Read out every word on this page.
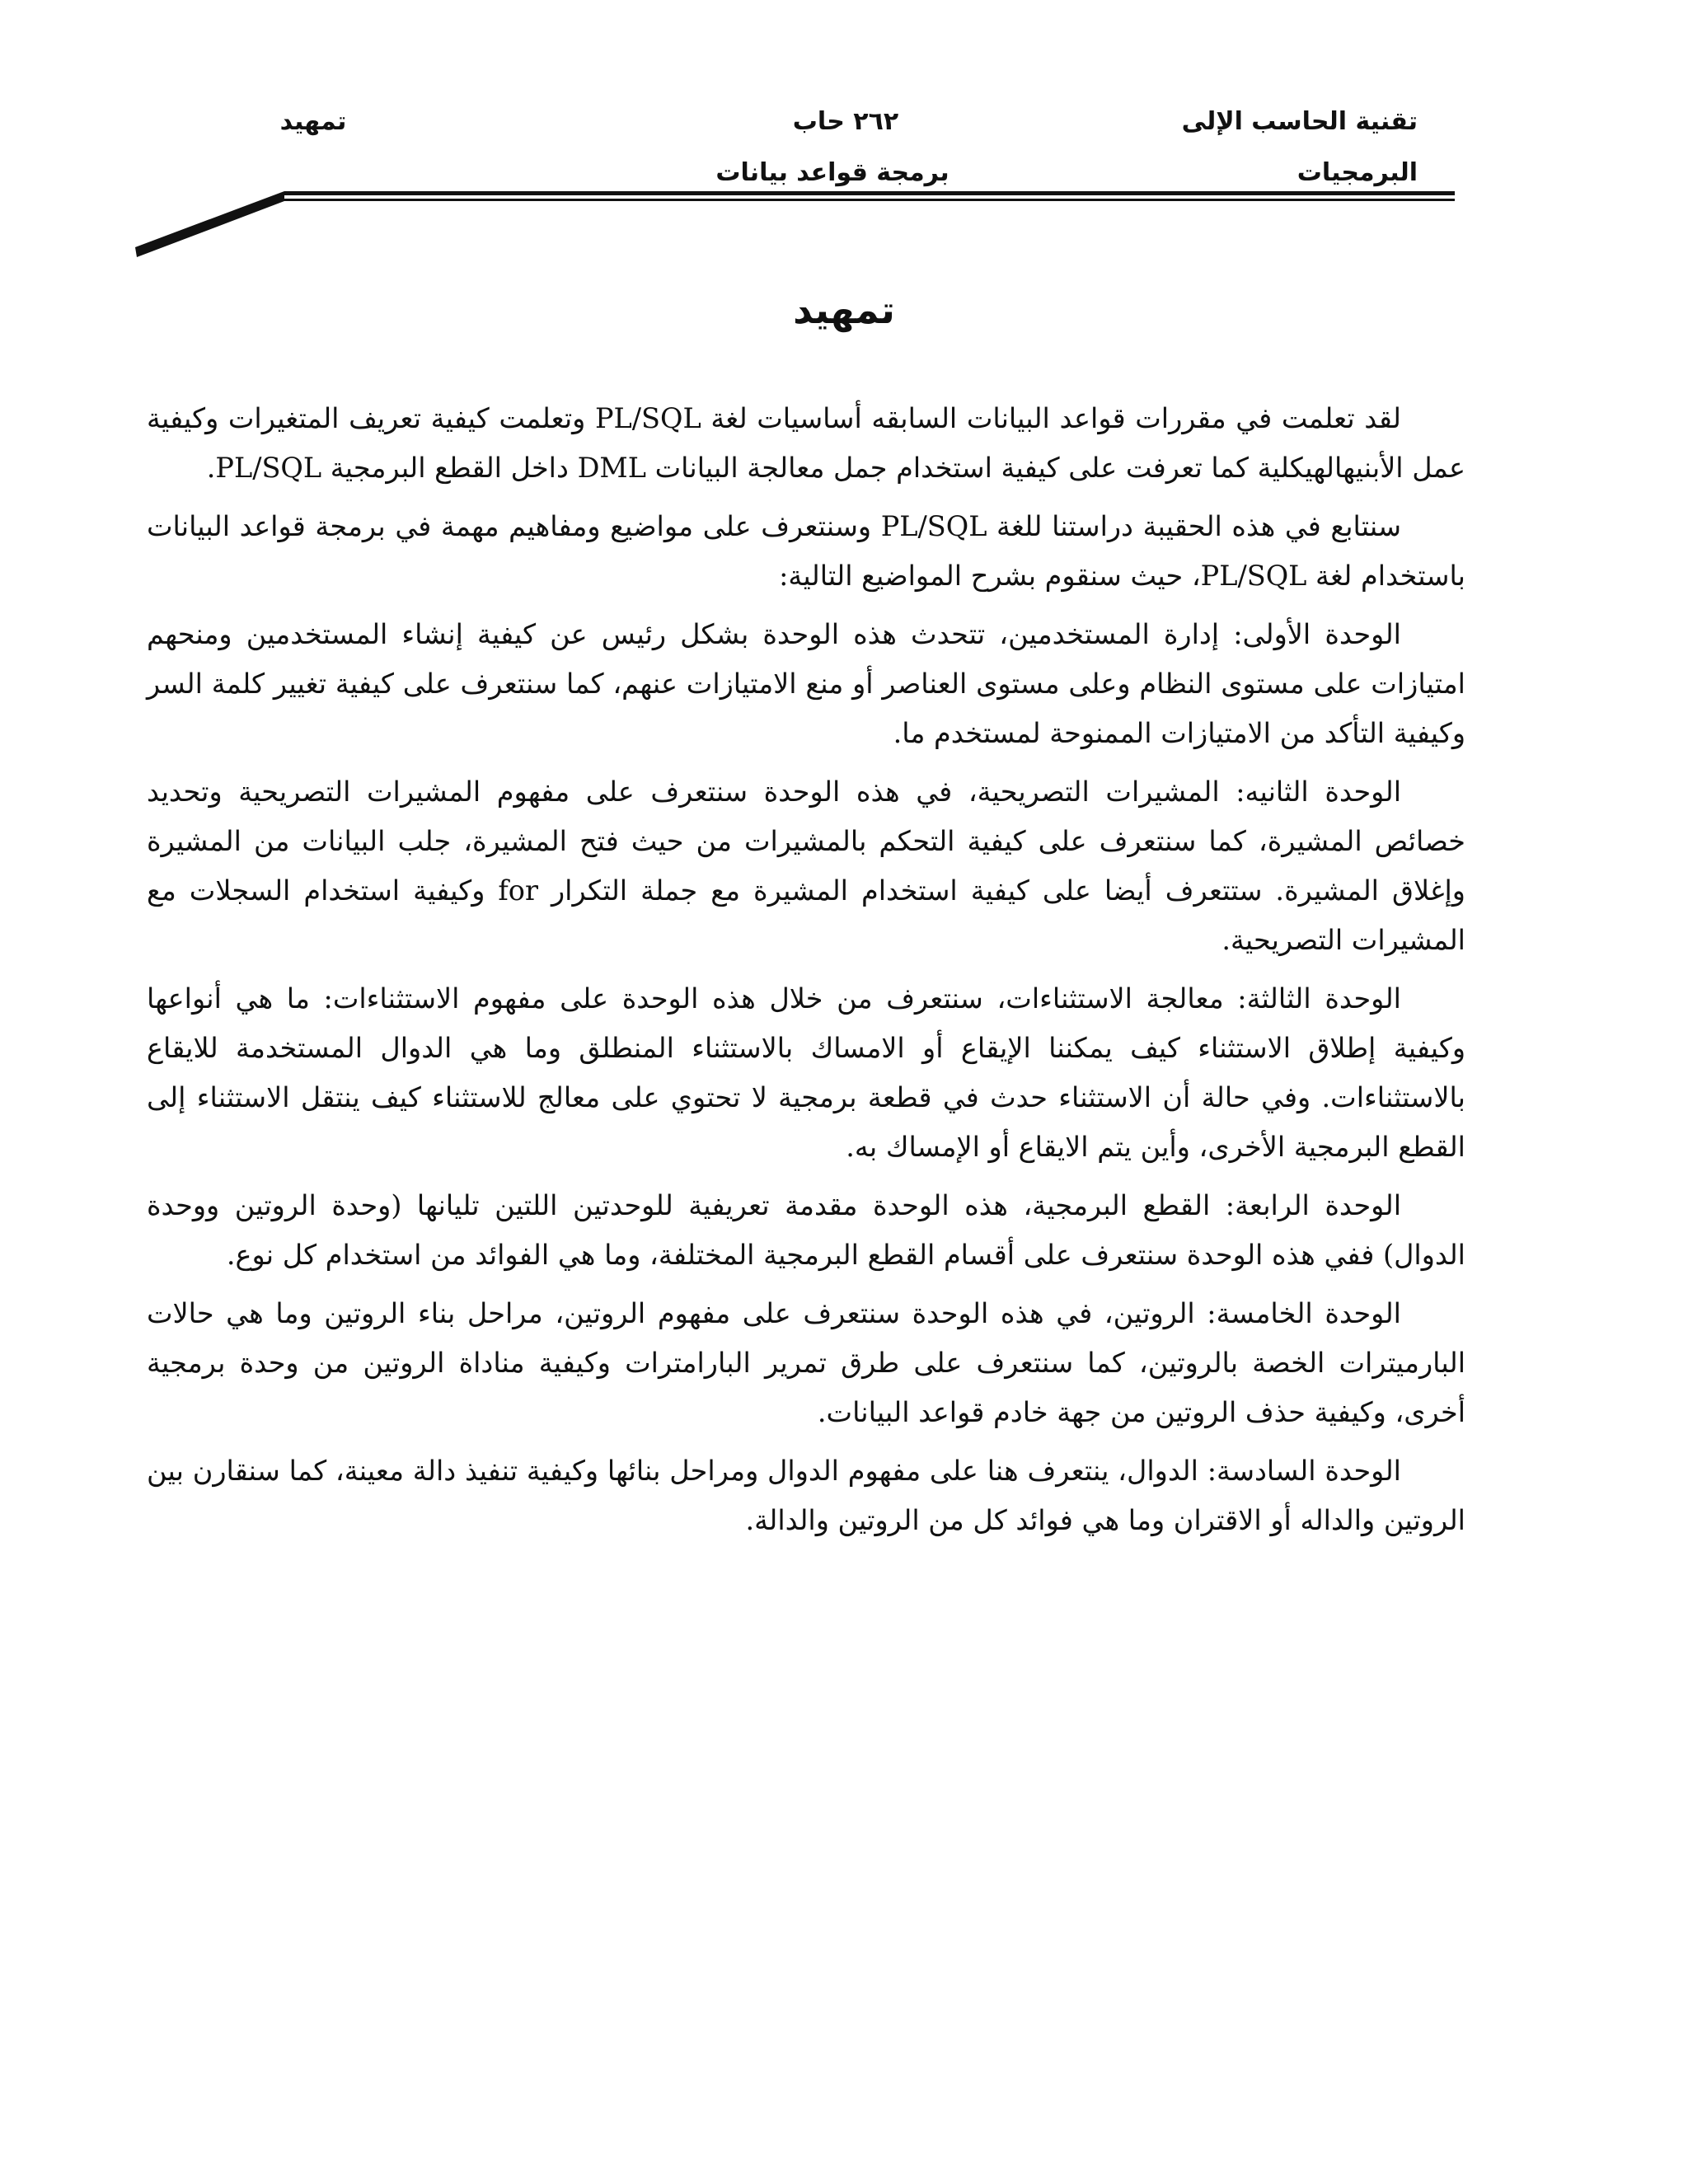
تقنية الحاسب الإلى
البرمجيات
٢٦٢ حاب
برمجة قواعد بيانات
تمهيد
تمهيد

لقد تعلمت في مقررات قواعد البيانات السابقه أساسيات لغة PL/SQL وتعلمت كيفية تعريف المتغيرات وكيفية عمل الأبنيهالهيكلية كما تعرفت على كيفية استخدام جمل معالجة البيانات DML داخل القطع البرمجية PL/SQL.

سنتابع في هذه الحقيبة دراستنا للغة PL/SQL وسنتعرف على مواضيع ومفاهيم مهمة في برمجة قواعد البيانات باستخدام لغة PL/SQL، حيث سنقوم بشرح المواضيع التالية:

الوحدة الأولى: إدارة المستخدمين، تتحدث هذه الوحدة بشكل رئيس عن كيفية إنشاء المستخدمين ومنحهم امتيازات على مستوى النظام وعلى مستوى العناصر أو منع الامتيازات عنهم، كما سنتعرف على كيفية تغيير كلمة السر وكيفية التأكد من الامتيازات الممنوحة لمستخدم ما.

الوحدة الثانيه: المشيرات التصريحية، في هذه الوحدة سنتعرف على مفهوم المشيرات التصريحية وتحديد خصائص المشيرة، كما سنتعرف على كيفية التحكم بالمشيرات من حيث فتح المشيرة، جلب البيانات من المشيرة وإغلاق المشيرة. ستتعرف أيضا على كيفية استخدام المشيرة مع جملة التكرار for وكيفية استخدام السجلات مع المشيرات التصريحية.

الوحدة الثالثة: معالجة الاستثناءات، سنتعرف من خلال هذه الوحدة على مفهوم الاستثناءات: ما هي أنواعها وكيفية إطلاق الاستثناء كيف يمكننا الإيقاع أو الامساك بالاستثناء المنطلق وما هي الدوال المستخدمة للايقاع بالاستثناءات. وفي حالة أن الاستثناء حدث في قطعة برمجية لا تحتوي على معالج للاستثناء كيف ينتقل الاستثناء إلى القطع البرمجية الأخرى، وأين يتم الايقاع أو الإمساك به.

الوحدة الرابعة: القطع البرمجية، هذه الوحدة مقدمة تعريفية للوحدتين اللتين تليانها (وحدة الروتين ووحدة الدوال) ففي هذه الوحدة سنتعرف على أقسام القطع البرمجية المختلفة، وما هي الفوائد من استخدام كل نوع.

الوحدة الخامسة: الروتين، في هذه الوحدة سنتعرف على مفهوم الروتين، مراحل بناء الروتين وما هي حالات البارميترات الخصة بالروتين، كما سنتعرف على طرق تمرير البارامترات وكيفية مناداة الروتين من وحدة برمجية أخرى، وكيفية حذف الروتين من جهة خادم قواعد البيانات.

الوحدة السادسة: الدوال، ينتعرف هنا على مفهوم الدوال ومراحل بنائها وكيفية تنفيذ دالة معينة، كما سنقارن بين الروتين والداله أو الاقتران وما هي فوائد كل من الروتين والدالة.
